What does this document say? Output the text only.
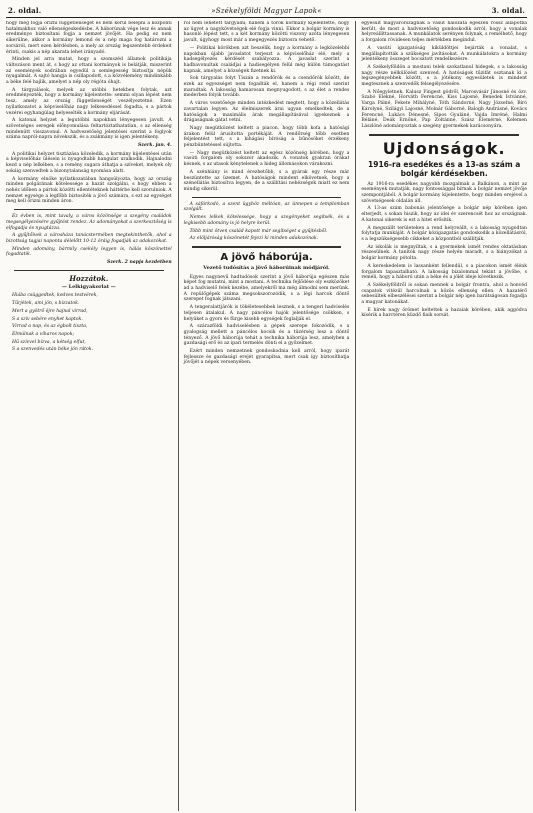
2. oldal.	»Székelyföldi Magyar Lapok«	3. oldal.

hogy meg fogja őrizni függetlenségét és nem kerül belépni a központi hatalmakhoz való ellenségeskedésbe. A háborúnak vége lesz és annak eredménye biztosítani fogja a nemzet jövőjét. Ha pedig ez nem sikerülne, akkor a kormány lemond és a nép maga fog határozni a sorsáról, mert ezen kérdésben, a mely az ország legszentebb érdekeit érinti, csakis a nép akarata lehet irányadó.

Minden jel arra mutat, hogy a szomszéd államok politikája változáson ment át, s hogy az ottani kormányok is belátják, miszerint az események sodrában egyedül a semlegesség biztosítja népük nyugalmát. A sajtó hangja is csillapodott, s a közvélemény mindinkább a béke felé hajlik, amelyet a nép oly régóta óhajt.

A tárgyalások, melyek az utóbbi hetekben folytak, azt eredményezték, hogy a kormány kijelentette: semmi olyan lépést nem tesz, amely az ország függetlenségét veszélyeztetné. Ezen nyilatkozatot a képviselőház nagy lelkesedéssel fogadta, s a pártok vezérei egyhangúlag helyeselték a kormány eljárását.

A katonai helyzet a legutóbbi napokban lényegesen javult. A szövetséges seregek előnyomulása feltartóztathatatlan, s az ellenség mindenütt visszavonul. A hadvezetőség jelentései szerint a foglyok száma napról-napra növekszik, és a zsákmány is igen jelentékeny.

Szerk. jan. 4.

A politikai helyzet tisztázása közeledik, a kormány kijelentései után a képviselőház ülésein is nyugodtabb hangulat uralkodik. Hajnalodni kezd a nép lelkében, s a remény sugara áthatja a szíveket, melyek oly sokáig szenvedtek a bizonytalanság nyomása alatt.

A kormány elnöke nyilatkozatában hangsúlyozta, hogy az ország minden polgárának kötelessége a hazát szolgálni, s hogy ebben a nehéz időben a pártok közötti ellentéteknek háttérbe kell szorulniok. A nemzet egysége a legfőbb biztosíték a jövő számára, s ezt az egységet meg kell őrizni minden áron.

Ez évben is, mint tavaly, a város közönsége a szegény családok megsegélyezésére gyűjtést rendez. Az adományokat a szerkesztőség is elfogadja és nyugtázza.

A gyűjtőívek a városháza tanácstermében megtekinthetők, ahol a bizottság tagjai naponta délelőtt 10-12 óráig fogadják az adakozókat.

Minden adomány, bármily csekély legyen is, hálás köszönettel fogadtatik.

Szerk. 2 napja kezdetben
Hozzátok.
— Lelkigyakorlat —

Hiába csüggedtek, kedves testvérek,

Tűrjétek, ami jön, s bízzatok.

Mert a gyötrő éjre hajnal virrad,

S a szív sebére enyhet kaptok.

Virrad a nap, és az égbolt tiszta,

Elmúlnak a viharos napok;

Hű szívvel bízva, a kétség elfut,

S a szenvedés után béke jön rátok.

ról nem lehetett tárgyalni, hanem a török kormány kijelentette, hogy az ügyet a nagykövetségek elé fogja vinni. Ekkor a bolgár kormány is hasonló lépést tett, s a két kormány közötti viszony azóta lényegesen javult, úgyhogy most már a megegyezés biztosra vehető.

— Politikai körökben azt beszélik, hogy a kormány a legközelebbi napokban újabb javaslatot terjeszt a képviselőház elé, mely a hadsegélyezés kérdését szabályozza. A javaslat szerint a hadbavonultak családjai a hadisegélyen felül még külön támogatást kapnak, amelyet a községek fizetnek ki.

Sok tárgyalás folyt Tiszán a rendőrök és a csendőrök között, de ezek az egyezséget nem fogadták el, hanem a régi rend szerint maradtak. A lakosság hamarosan megnyugodott, s az élet a rendes mederben folyik tovább.

A város vezetősége minden intézkedést megtett, hogy a közellátás zavartalan legyen. Az élelmiszerek árai ugyan emelkedtek, de a hatóságok a maximális árak megállapításával igyekeznek a drágaságnak gátat vetni.

Nagy megütközést keltett a piacon, hogy több kofa a hatósági árakon felül árusította portékáját. A rendőrség több esetben feljelentést tett, s a kihágási bíróság a bűnösöket érzékeny pénzbüntetéssel sújtotta.

— Nagy megütközést keltett az egész közönség körében, hogy a vasúti forgalom oly sokszor akadozik. A vonatok gyakran órákat késnek, s az utasok kénytelenek a hideg állomásokon várakozni.

A szénhiány is mind érezhetőbb, s a gyárak egy része már beszüntette az üzemet. A hatóságok mindent elkövetnek, hogy a szénellátás biztosítva legyen, de a szállítási nehézségek miatt ez nem mindig sikerül.

A sáfárkodó, a szent ügyhöz méltóan, az ünnepen a templomban szolgált.

Nemes lelkek kötelessége, hogy a szegényeket segítsék, és a legkisebb adomány is jó helyre kerül.

Több mint ötven család kapott már segítséget a gyűjtésből.

Az elöljáróság köszönetét fejezi ki minden adakozónak.

A jövő háborúja.
Vezető tudósítás a jövő háborúinak módjáról.

Egyes nagynevű hadtudósok szerint a jövő háborúja egészen más képet fog mutatni, mint a mostani. A technika fejlődése oly eszközöket ad a hadviselő felek kezébe, amelyekről ma még álmodni sem merünk. A repülőgépek száma megsokszorozódik, s a légi harcok döntő szerepet fognak játszani.

A tengeralattjárók is tökéletesebbek lesznek, s a tengeri hadviselés teljesen átalakul. A nagy páncélos hajók jelentősége csökken, s helyüket a gyors és fürge kisebb egységek foglalják el.

A szárazföldi hadviselésben a gépek szerepe fokozódik, s a gyalogság mellett a páncélos kocsik és a tüzérség lesz a döntő tényező. A jövő háborúja tehát a technika háborúja lesz, amelyben a gazdasági erő és az ipari termelés dönti el a győzelmet.

Ezért minden nemzetnek gondoskodnia kell arról, hogy iparát fejlessze és gazdasági erejét gyarapítsa, mert csak így biztosíthatja jövőjét a népek versenyében.

egyesült magyarországnak a vasút hálózata egészen rossz állapotba került, de most a hadvezetőség gondoskodik arról, hogy a vonalak helyreállíttassanak. A munkálatok serényen folynak, s remélhető, hogy a forgalom rövidesen teljes mértékben megindul.

A vasúti igazgatóság kiküldöttjei bejárták a vonalat, s megállapították a szükséges javításokat. A munkálatokra a kormány jelentékeny összeget bocsátott rendelkezésre.

A Székelyföldön a mostani telek szokatlanul hidegek, s a lakosság nagy része nélkülözést szenved. A hatóságok tűzifát osztanak ki a legszegényebbek között, s a jótékony egyesületek is mindent megtesznek a szenvedők felsegélyezésére.

A Nőegyletnek. Kalusz Fingest gödről, Marosvásár Jánosné és özv. Szabó Elekné, Horváth Ferencné, Kiss Lajosné, Benedek Istvánné, Varga Pálné, Fekete Mihályné, Tóth Sándorné, Nagy Józsefné, Bíró Károlyné, Szilágyi Lajosné, Molnár Gáborné, Balogh Andrásné, Kovács Ferencné, Lukács Dénesné, Sipos Gyuláné, Vajda Imréné, Halmi Béláné, Deák Ernőné, Pap Zoltánné, Szász Elemérné, Kelemen Lászlóné adományoztak a szegény gyermekek karácsonyára.

Ujdonságok.
1916-ra esedékes és a 13-as szám a bolgár kérdésekben.

Az 1916-ra esedékes nagyobb mozgalmak a Balkánon, a mint az események mutatják, nagy fontossággal bírnak a bolgár nemzet jövője szempontjából. A bolgár kormány kijelentette, hogy minden erejével a szövetségesek oldalán áll.

A 13-as szám babonás jelentősége a bolgár nép körében igen elterjedt, s sokan hiszik, hogy az idei év szerencsét hoz az országnak. A katonai sikerek is ezt a hitet erősítik.

A megszállt területeken a rend helyreállt, s a lakosság nyugodtan folytatja munkáját. A bolgár közigazgatás gondoskodik a közellátásról, s a legszükségesebb cikkeket a központból szállítják.

Az iskolák is megnyíltak, s a gyermekek ismét rendes oktatásban részesülnek. A tanítók nagy része helyén maradt, s a hiányzókat a bolgár kormány pótolta.

A kereskedelem is lassanként fellendül, s a piacokon ismét élénk forgalom tapasztalható. A lakosság bizalommal tekint a jövőbe, s reméli, hogy a háború után a béke és a jólét ideje következik.

A Székelyföldről is sokan mennek a bolgár frontra, ahol a honvéd csapatok vitézül harcolnak a közös ellenség ellen. A hazatérő sebesültek elbeszélései szerint a bolgár nép igen barátságosan fogadja a magyar katonákat.

E hírek nagy örömet keltettek a hazaiak körében, akik aggódva kísérik a harctéren küzdő fiaik sorsát.
